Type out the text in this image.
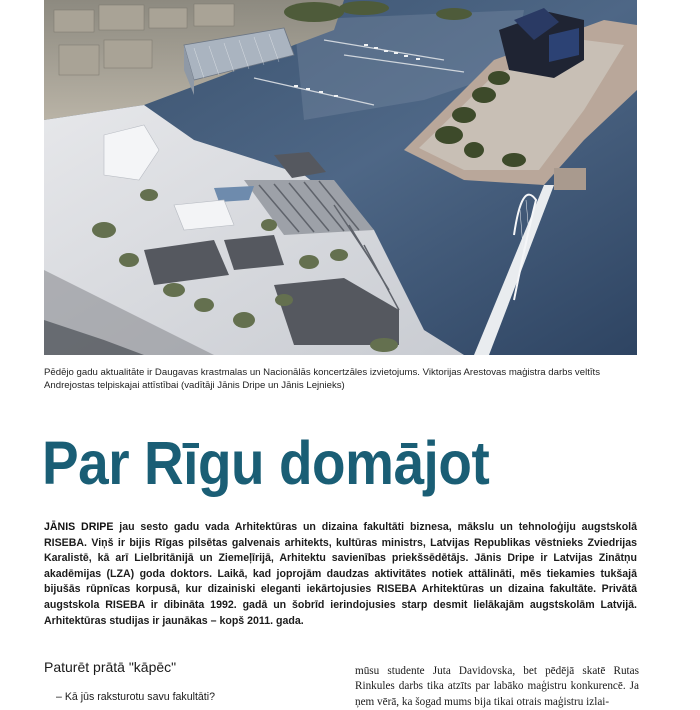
Pēdējo gadu aktualitāte ir Daugavas krastmalas un Nacionālās koncertzāles izvietojums. Viktorijas Arestovas maģistra darbs veltīts Andrejostas telpiskajai attīstībai (vadītāji Jānis Dripe un Jānis Lejnieks)
Par Rīgu domājot
JĀNIS DRIPE jau sesto gadu vada Arhitektūras un dizaina fakultāti biznesa, mākslu un tehnoloģiju augstskolā RISEBA. Viņš ir bijis Rīgas pilsētas galvenais arhitekts, kultūras ministrs, Latvijas Republikas vēstnieks Zviedrijas Karalistē, kā arī Lielbritānijā un Ziemeļīrijā, Arhitektu savienības priekšsēdētājs. Jānis Dripe ir Latvijas Zinātņu akadēmijas (LZA) goda doktors. Laikā, kad joprojām daudzas aktivitātes notiek attālināti, mēs tiekamies tukšajā bijušās rūpnīcas korpusā, kur dizainiski eleganti iekārtojusies RISEBA Arhitektūras un dizaina fakultāte. Privātā augstskola RISEBA ir dibināta 1992. gadā un šobrīd ierindojusies starp desmit lielākajām augstskolām Latvijā. Arhitektūras studijas ir jaunākas – kopš 2011. gada.
Paturēt prātā "kāpēc"
– Kā jūs raksturotu savu fakultāti?
mūsu studente Juta Davidovska, bet pēdējā skatē Rutas Rinkules darbs tika atzīts par labāko maģistru konkurencē. Ja ņem vērā, ka šogad mums bija tikai otrais maģistru izlai-
